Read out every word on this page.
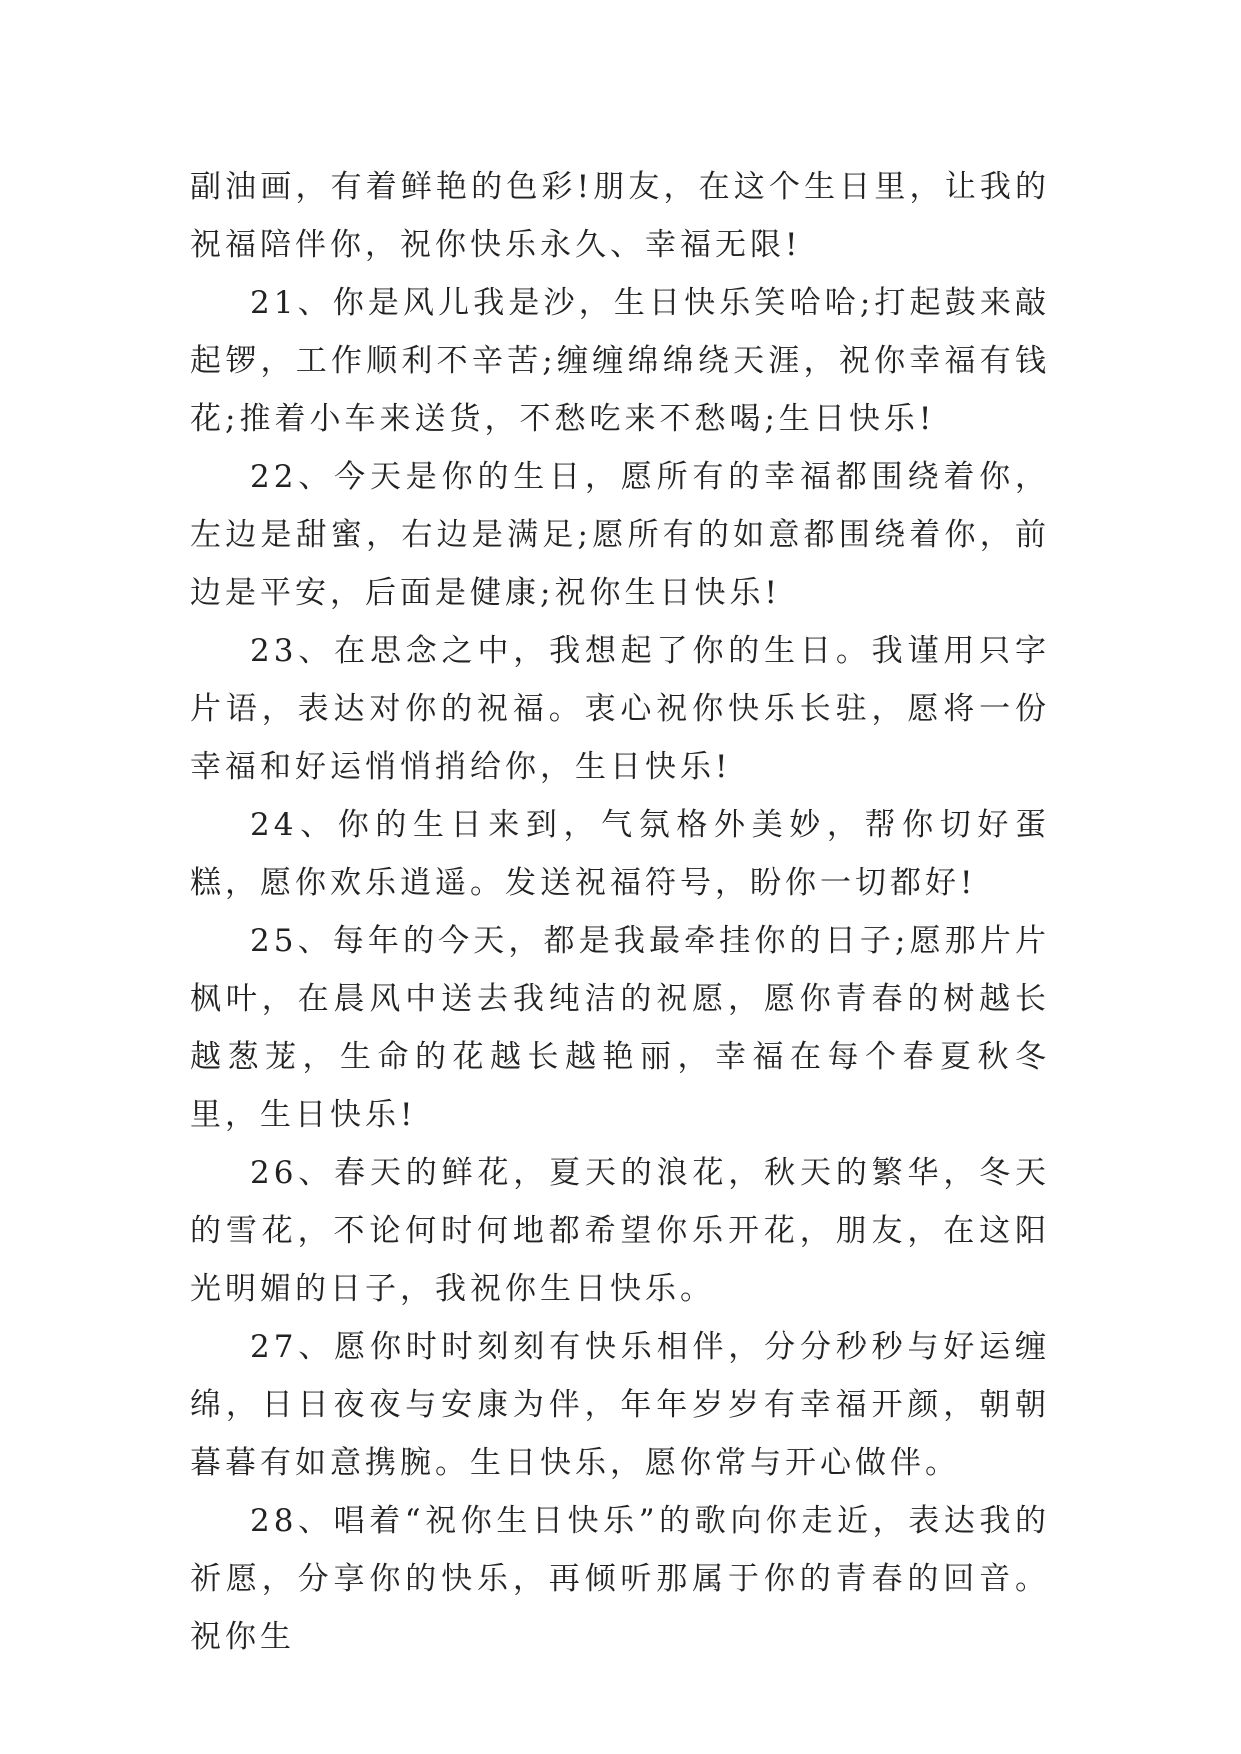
副油画，有着鲜艳的色彩!朋友，在这个生日里，让我的祝福陪伴你，祝你快乐永久、幸福无限!

21、你是风儿我是沙，生日快乐笑哈哈;打起鼓来敲起锣，工作顺利不辛苦;缠缠绵绵绕天涯，祝你幸福有钱花;推着小车来送货，不愁吃来不愁喝;生日快乐!

22、今天是你的生日，愿所有的幸福都围绕着你，左边是甜蜜，右边是满足;愿所有的如意都围绕着你，前边是平安，后面是健康;祝你生日快乐!

23、在思念之中，我想起了你的生日。我谨用只字片语，表达对你的祝福。衷心祝你快乐长驻，愿将一份幸福和好运悄悄捎给你，生日快乐!

24、你的生日来到，气氛格外美妙，帮你切好蛋糕，愿你欢乐逍遥。发送祝福符号，盼你一切都好!

25、每年的今天，都是我最牵挂你的日子;愿那片片枫叶，在晨风中送去我纯洁的祝愿，愿你青春的树越长越葱茏，生命的花越长越艳丽，幸福在每个春夏秋冬里，生日快乐!

26、春天的鲜花，夏天的浪花，秋天的繁华，冬天的雪花，不论何时何地都希望你乐开花，朋友，在这阳光明媚的日子，我祝你生日快乐。

27、愿你时时刻刻有快乐相伴，分分秒秒与好运缠绵，日日夜夜与安康为伴，年年岁岁有幸福开颜，朝朝暮暮有如意携腕。生日快乐，愿你常与开心做伴。

28、唱着“祝你生日快乐”的歌向你走近，表达我的祈愿，分享你的快乐，再倾听那属于你的青春的回音。祝你生
